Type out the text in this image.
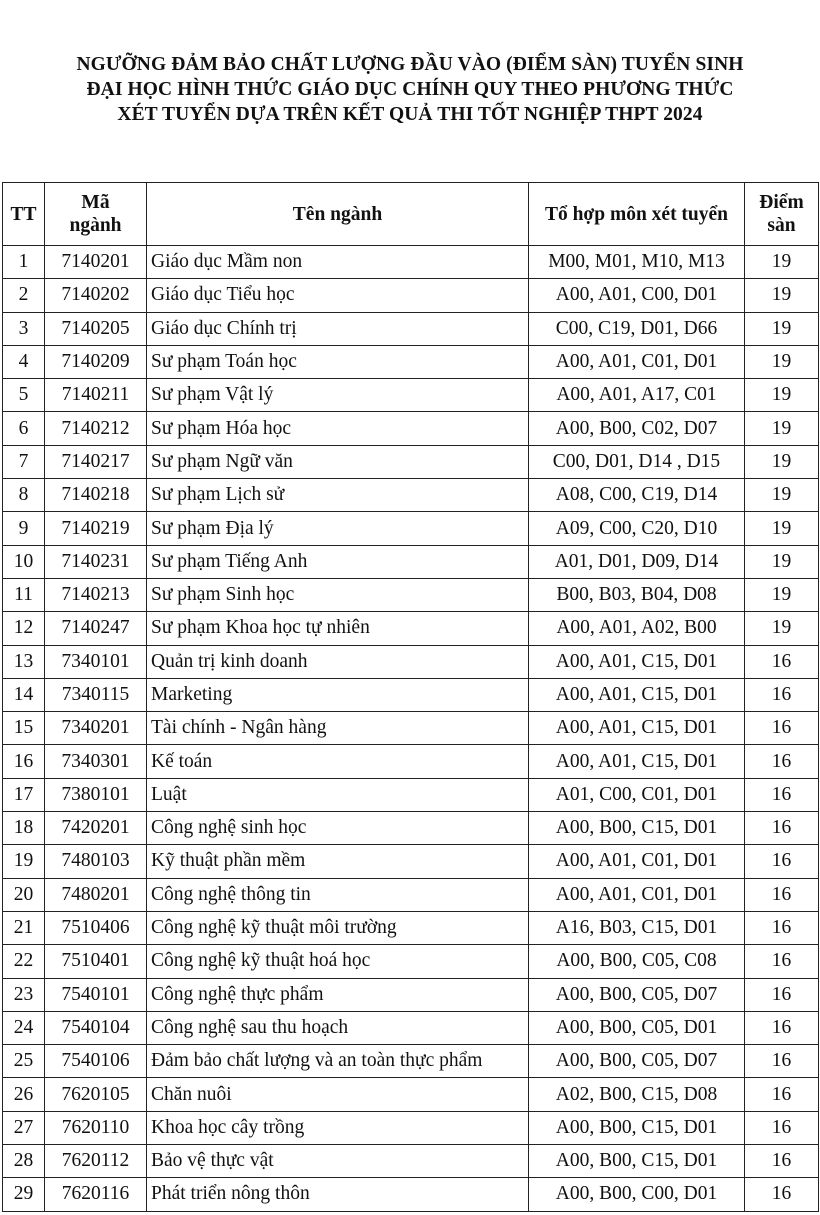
NGƯỠNG ĐẢM BẢO CHẤT LƯỢNG ĐẦU VÀO (ĐIỂM SÀN) TUYỂN SINH
ĐẠI HỌC HÌNH THỨC GIÁO DỤC CHÍNH QUY THEO PHƯƠNG THỨC
XÉT TUYỂN DỰA TRÊN KẾT QUẢ THI TỐT NGHIỆP THPT 2024
TT	Mã ngành	Tên ngành	Tổ hợp môn xét tuyển	Điểm sàn

1	7140201	Giáo dục Mầm non	M00, M01, M10, M13	19
2	7140202	Giáo dục Tiểu học	A00, A01, C00, D01	19
3	7140205	Giáo dục Chính trị	C00, C19, D01, D66	19
4	7140209	Sư phạm Toán học	A00, A01, C01, D01	19
5	7140211	Sư phạm Vật lý	A00, A01, A17, C01	19
6	7140212	Sư phạm Hóa học	A00, B00, C02, D07	19
7	7140217	Sư phạm Ngữ văn	C00, D01, D14 , D15	19
8	7140218	Sư phạm Lịch sử	A08, C00, C19, D14	19
9	7140219	Sư phạm Địa lý	A09, C00, C20, D10	19
10	7140231	Sư phạm Tiếng Anh	A01, D01, D09, D14	19
11	7140213	Sư phạm Sinh học	B00, B03, B04, D08	19
12	7140247	Sư phạm Khoa học tự nhiên	A00, A01, A02, B00	19
13	7340101	Quản trị kinh doanh	A00, A01, C15, D01	16
14	7340115	Marketing	A00, A01, C15, D01	16
15	7340201	Tài chính - Ngân hàng	A00, A01, C15, D01	16
16	7340301	Kế toán	A00, A01, C15, D01	16
17	7380101	Luật	A01, C00, C01, D01	16
18	7420201	Công nghệ sinh học	A00, B00, C15, D01	16
19	7480103	Kỹ thuật phần mềm	A00, A01, C01, D01	16
20	7480201	Công nghệ thông tin	A00, A01, C01, D01	16
21	7510406	Công nghệ kỹ thuật môi trường	A16, B03, C15, D01	16
22	7510401	Công nghệ kỹ thuật hoá học	A00, B00, C05, C08	16
23	7540101	Công nghệ thực phẩm	A00, B00, C05, D07	16
24	7540104	Công nghệ sau thu hoạch	A00, B00, C05, D01	16
25	7540106	Đảm bảo chất lượng và an toàn thực phẩm	A00, B00, C05, D07	16
26	7620105	Chăn nuôi	A02, B00, C15, D08	16
27	7620110	Khoa học cây trồng	A00, B00, C15, D01	16
28	7620112	Bảo vệ thực vật	A00, B00, C15, D01	16
29	7620116	Phát triển nông thôn	A00, B00, C00, D01	16
